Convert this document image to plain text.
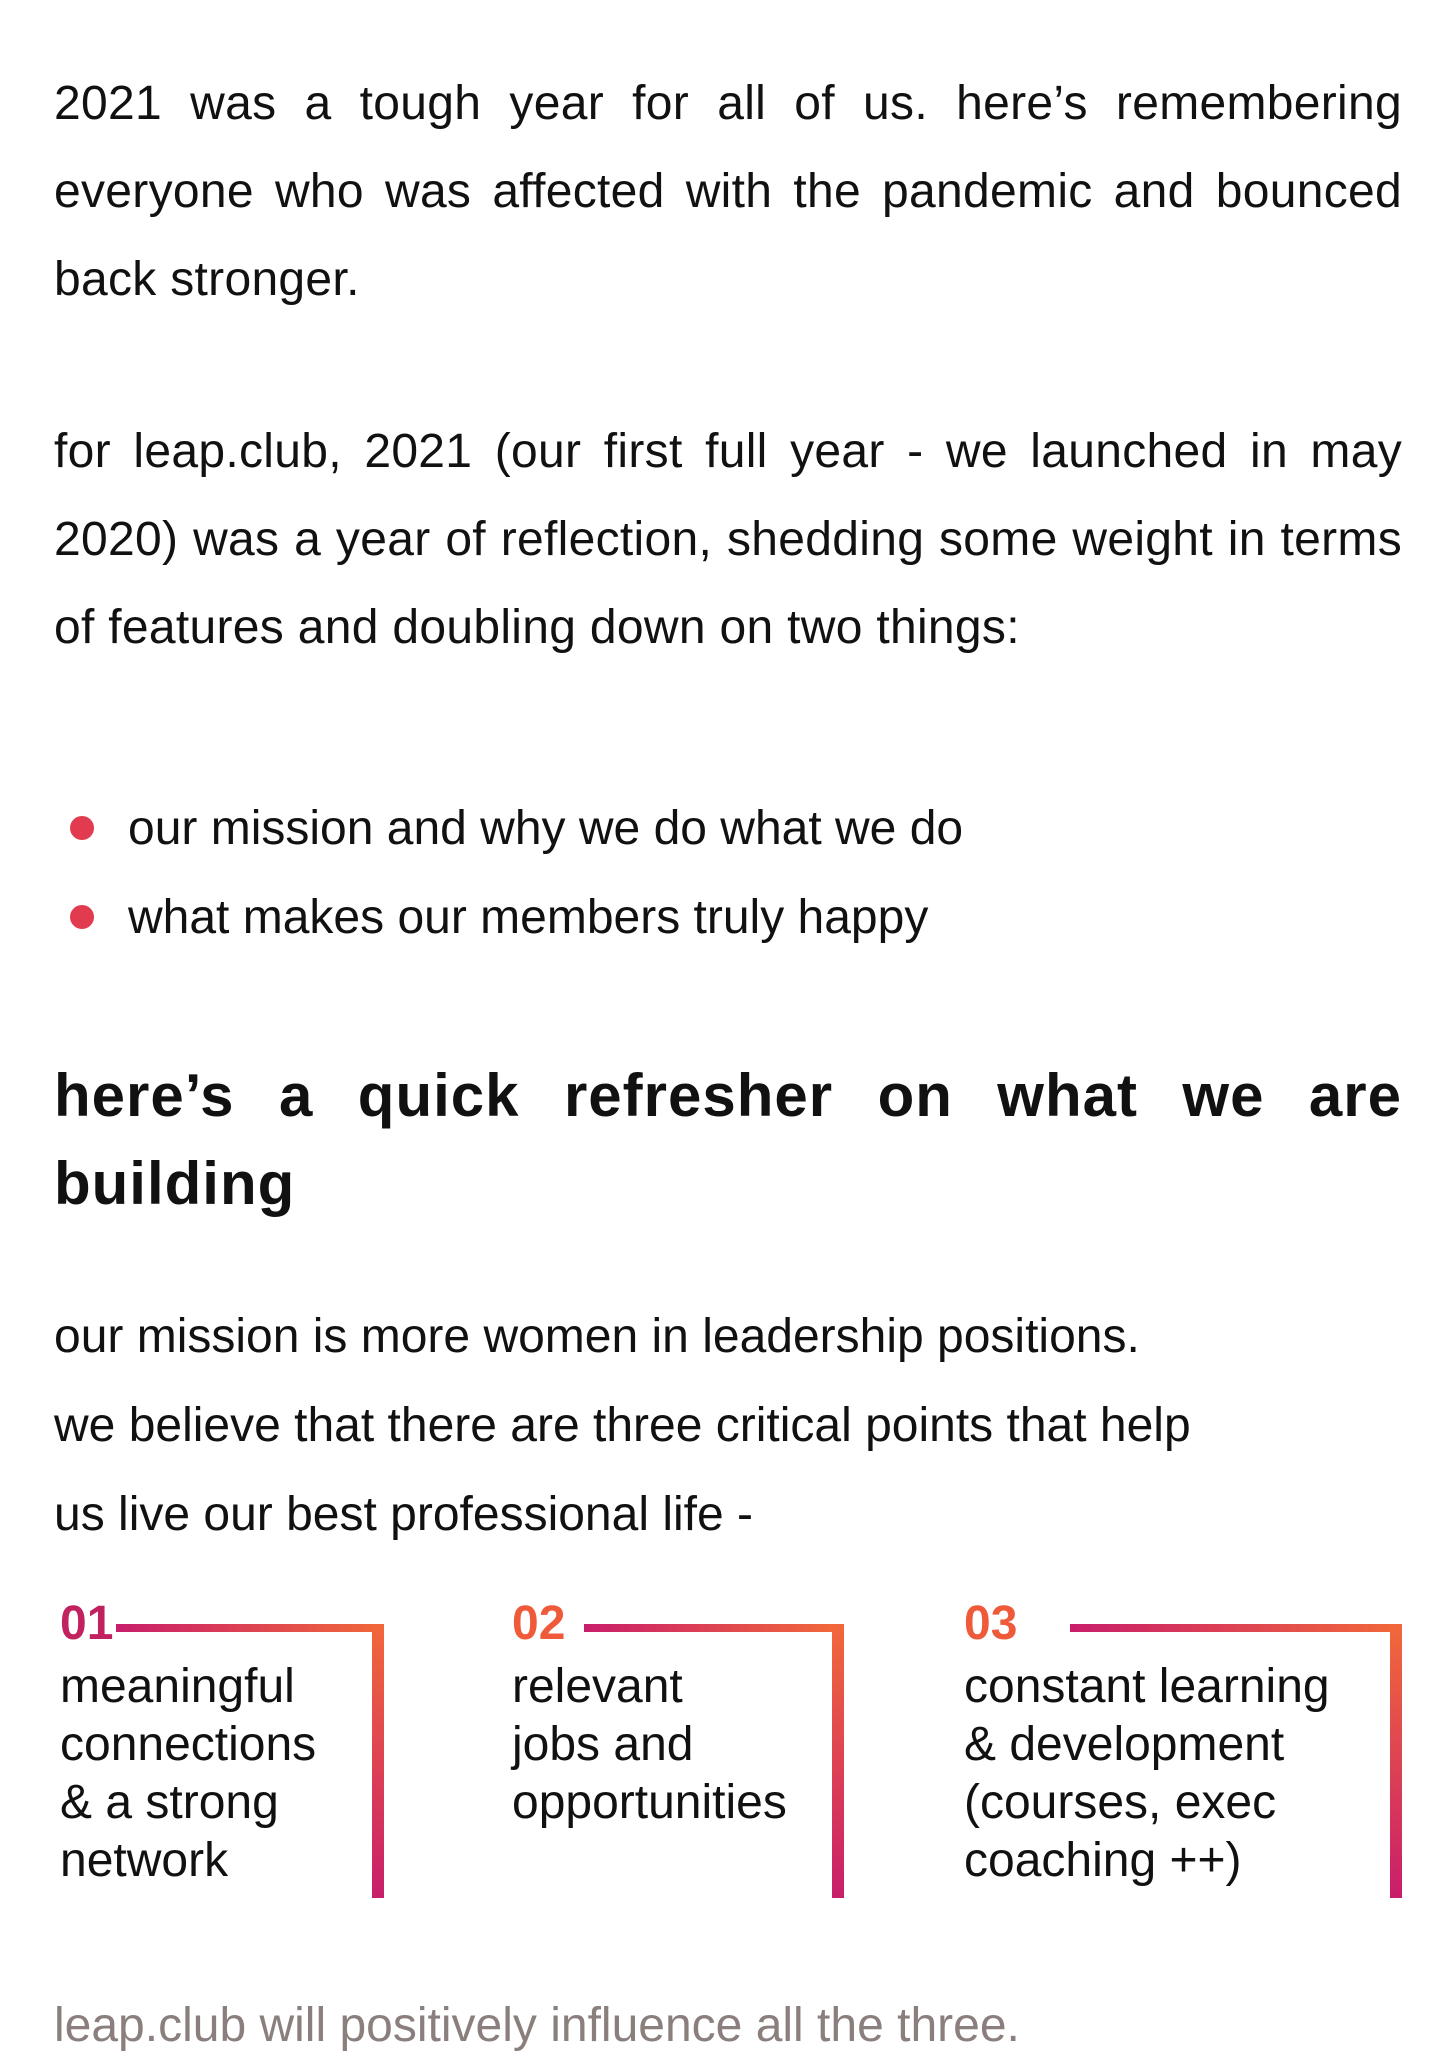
2021 was a tough year for all of us. here’s remembering everyone who was affected with the pandemic and bounced back stronger.

for leap.club, 2021 (our first full year - we launched in may 2020) was a year of reflection, shedding some weight in terms of features and doubling down on two things:

our mission and why we do what we do
what makes our members truly happy
here’s a quick refresher on what we are building
our mission is more women in leadership positions.
we believe that there are three critical points that help
us live our best professional life -
01
meaningful
connections
& a strong
network
02
relevant
jobs and
opportunities
03
constant learning
& development
(courses, exec
coaching ++)
leap.club will positively influence all the three.
